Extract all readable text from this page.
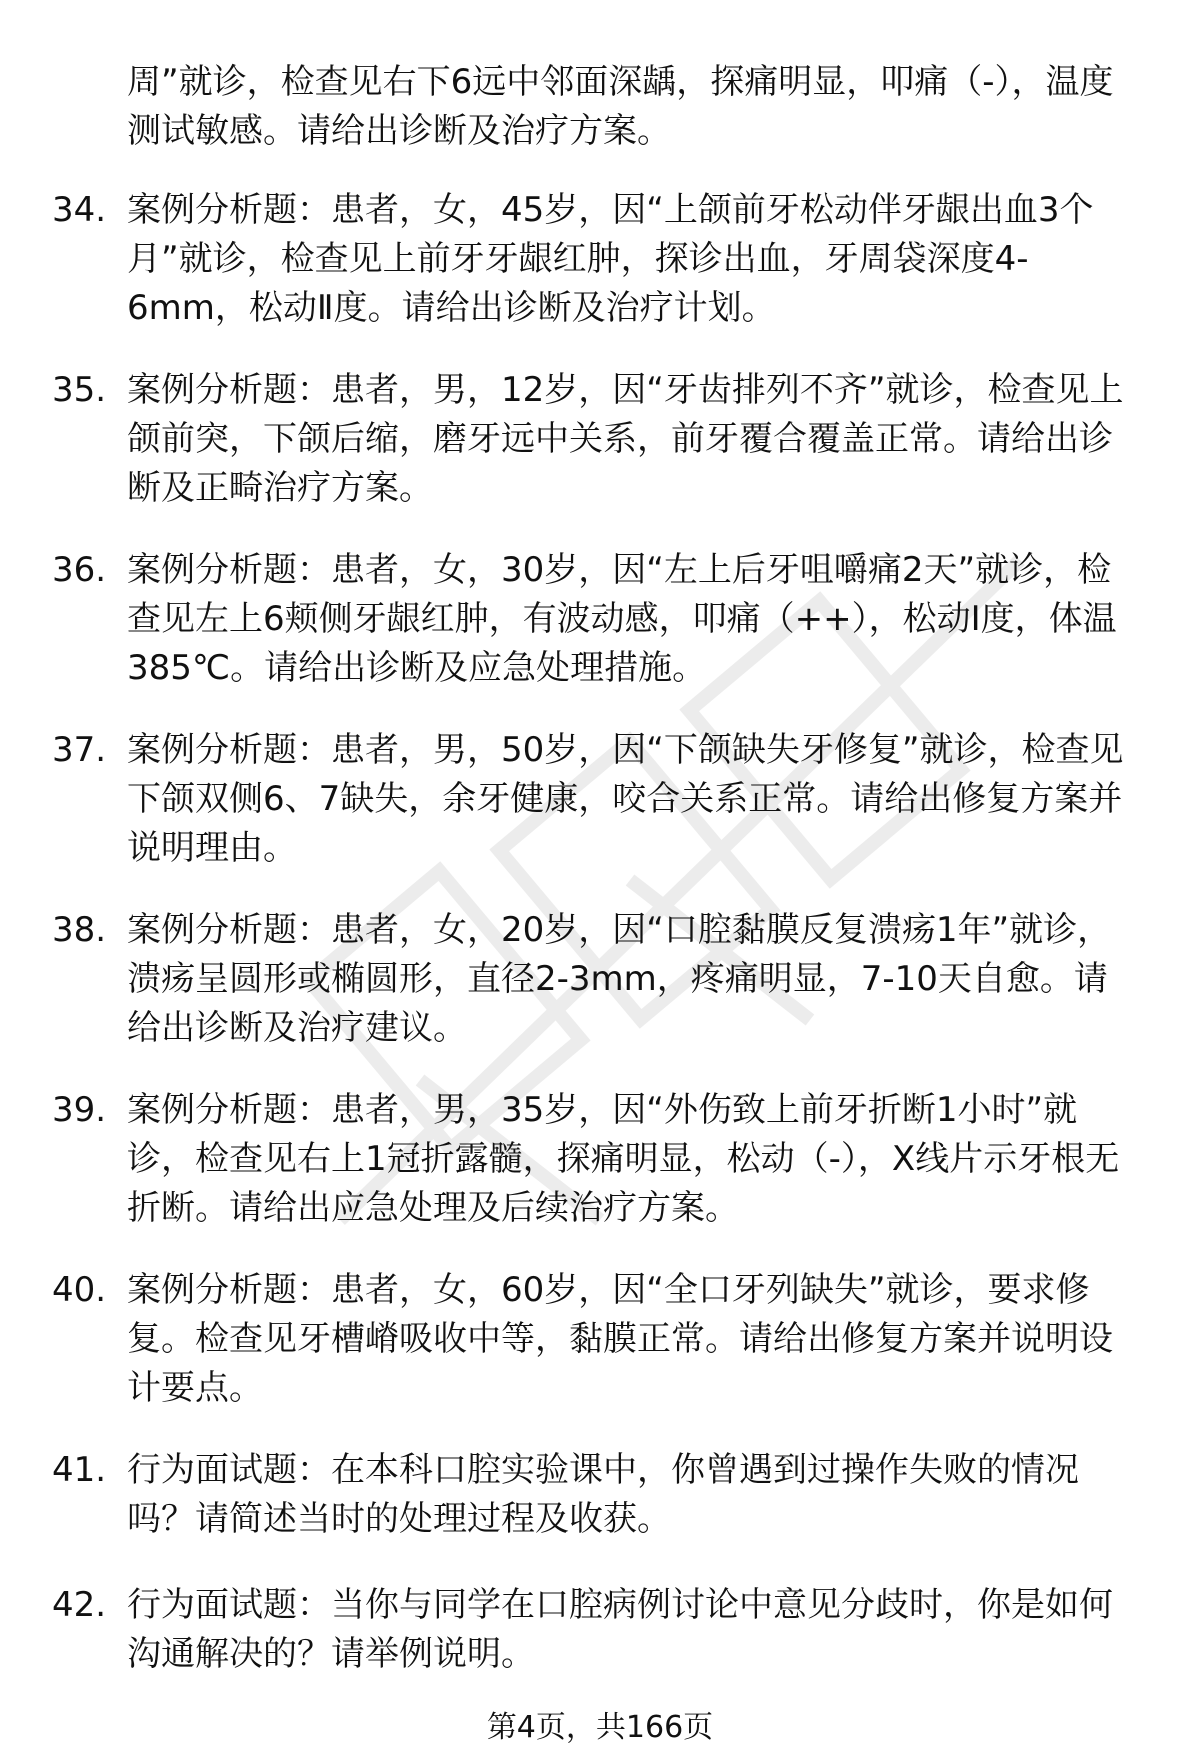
周”就诊，检查见右下6远中邻面深龋，探痛明显，叩痛（-），温度测试敏感。请给出诊断及治疗方案。

34. 案例分析题：患者，女，45岁，因“上颌前牙松动伴牙龈出血3个月”就诊，检查见上前牙牙龈红肿，探诊出血，牙周袋深度4-6mm，松动Ⅱ度。请给出诊断及治疗计划。

35. 案例分析题：患者，男，12岁，因“牙齿排列不齐”就诊，检查见上颌前突，下颌后缩，磨牙远中关系，前牙覆合覆盖正常。请给出诊断及正畸治疗方案。

36. 案例分析题：患者，女，30岁，因“左上后牙咀嚼痛2天”就诊，检查见左上6颊侧牙龈红肿，有波动感，叩痛（++），松动Ⅰ度，体温385℃。请给出诊断及应急处理措施。

37. 案例分析题：患者，男，50岁，因“下颌缺失牙修复”就诊，检查见下颌双侧6、7缺失，余牙健康，咬合关系正常。请给出修复方案并说明理由。

38. 案例分析题：患者，女，20岁，因“口腔黏膜反复溃疡1年”就诊，溃疡呈圆形或椭圆形，直径2-3mm，疼痛明显，7-10天自愈。请给出诊断及治疗建议。

39. 案例分析题：患者，男，35岁，因“外伤致上前牙折断1小时”就诊，检查见右上1冠折露髓，探痛明显，松动（-），X线片示牙根无折断。请给出应急处理及后续治疗方案。

40. 案例分析题：患者，女，60岁，因“全口牙列缺失”就诊，要求修复。检查见牙槽嵴吸收中等，黏膜正常。请给出修复方案并说明设计要点。

41. 行为面试题：在本科口腔实验课中，你曾遇到过操作失败的情况吗？请简述当时的处理过程及收获。

42. 行为面试题：当你与同学在口腔病例讨论中意见分歧时，你是如何沟通解决的？请举例说明。

第4页，共166页
